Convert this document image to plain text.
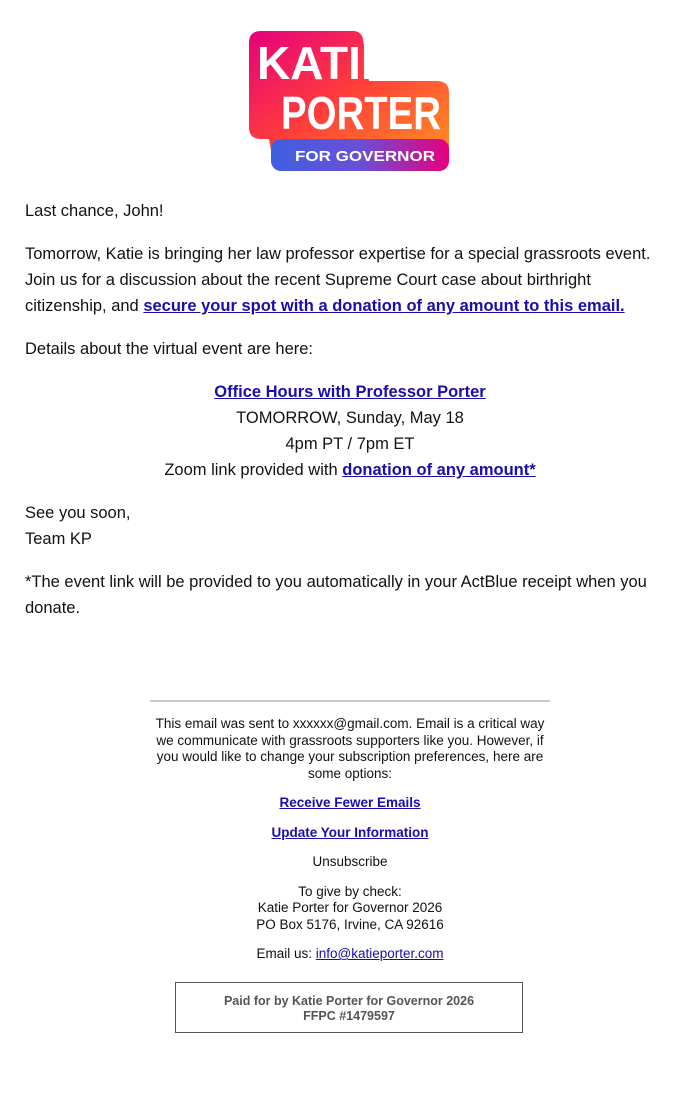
KATIE
PORTER
FOR GOVERNOR

Last chance, John!

Tomorrow, Katie is bringing her law professor expertise for a special grassroots event. Join us for a discussion about the recent Supreme Court case about birthright citizenship, and secure your spot with a donation of any amount to this email.

Details about the virtual event are here:

Office Hours with Professor Porter
TOMORROW, Sunday, May 18
4pm PT / 7pm ET
Zoom link provided with donation of any amount*

See you soon,
Team KP

*The event link will be provided to you automatically in your ActBlue receipt when you donate.

This email was sent to xxxxxx@gmail.com. Email is a critical way we communicate with grassroots supporters like you. However, if you would like to change your subscription preferences, here are some options:

Receive Fewer Emails

Update Your Information

Unsubscribe

To give by check:
Katie Porter for Governor 2026
PO Box 5176, Irvine, CA 92616

Email us: info@katieporter.com

Paid for by Katie Porter for Governor 2026
FFPC #1479597
